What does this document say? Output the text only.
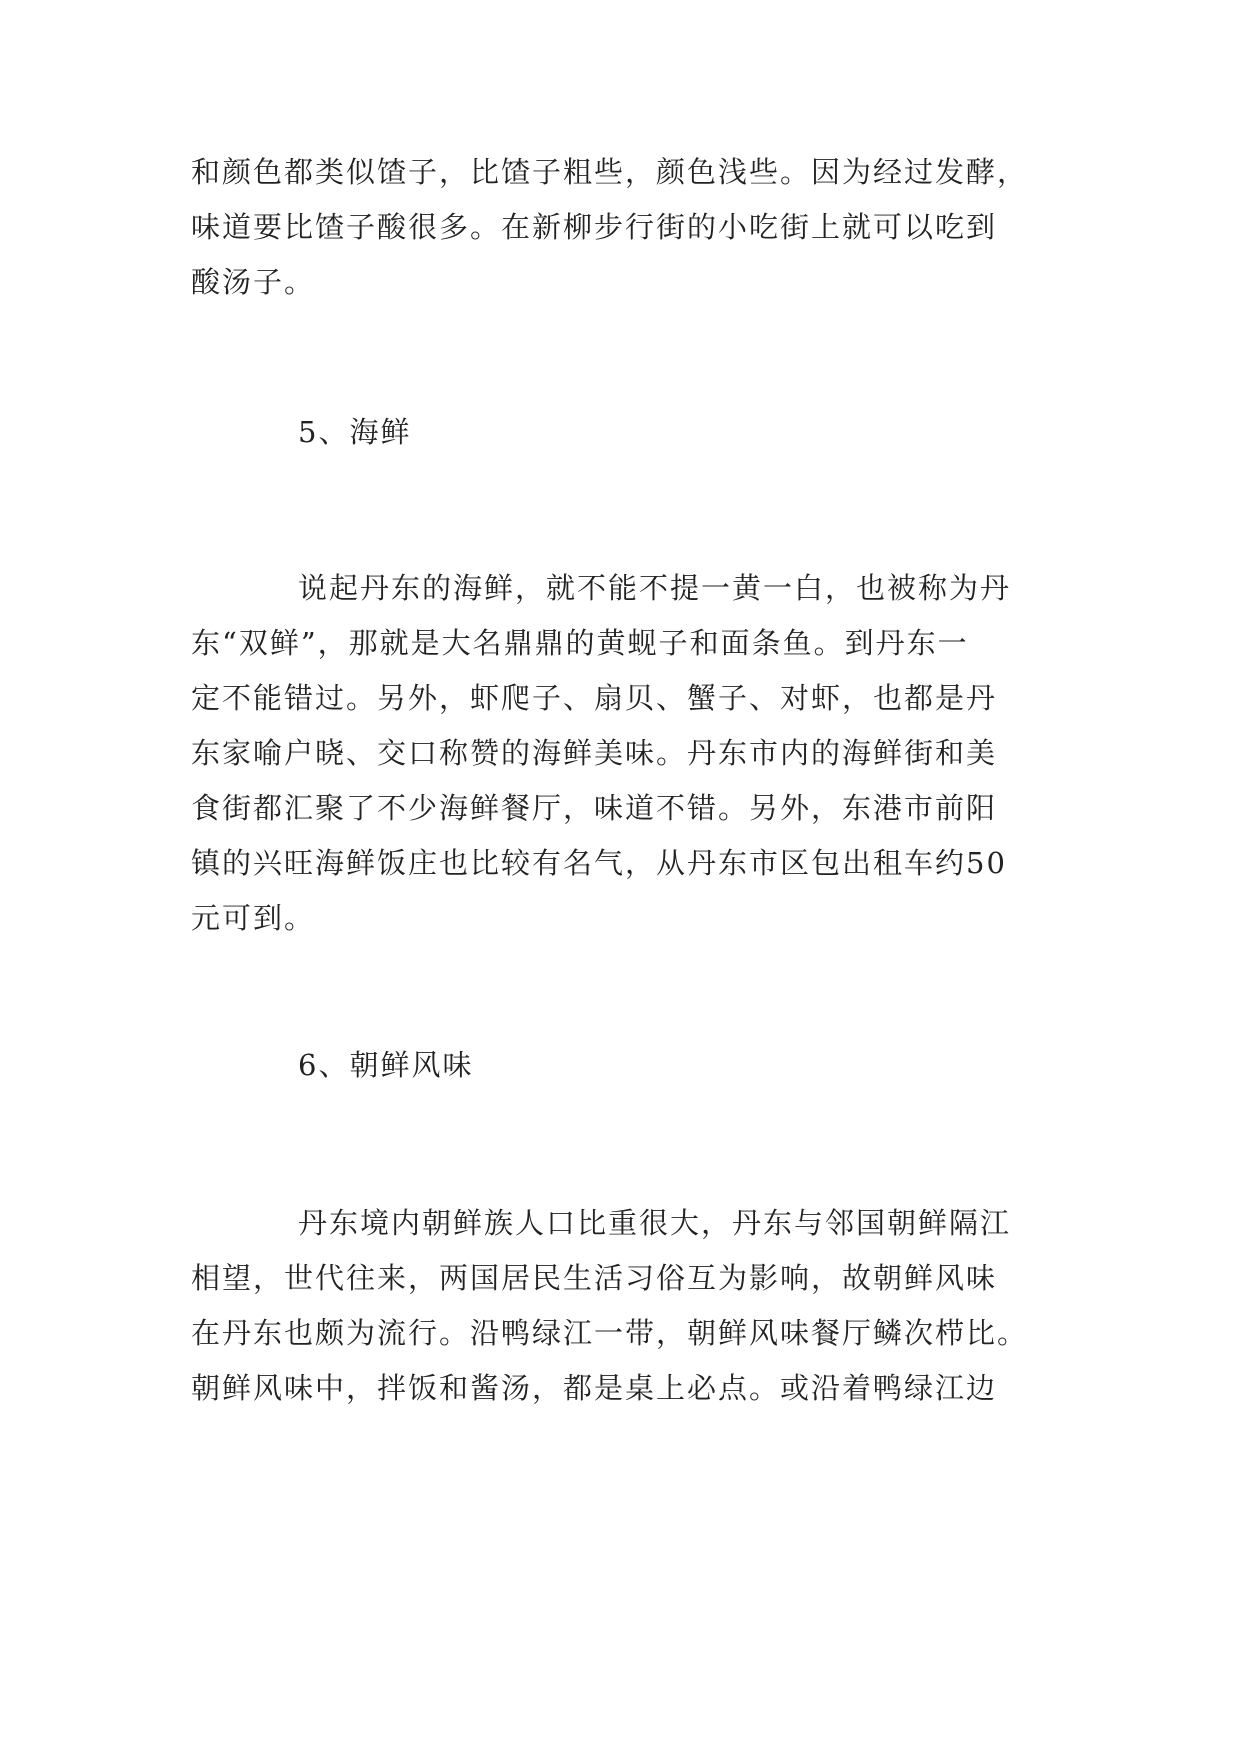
和颜色都类似馇子，比馇子粗些，颜色浅些。因为经过发酵，
味道要比馇子酸很多。在新柳步行街的小吃街上就可以吃到
酸汤子。
5、海鲜
说起丹东的海鲜，就不能不提一黄一白，也被称为丹
东“双鲜”，那就是大名鼎鼎的黄蚬子和面条鱼。到丹东一
定不能错过。另外，虾爬子、扇贝、蟹子、对虾，也都是丹
东家喻户晓、交口称赞的海鲜美味。丹东市内的海鲜街和美
食街都汇聚了不少海鲜餐厅，味道不错。另外，东港市前阳
镇的兴旺海鲜饭庄也比较有名气，从丹东市区包出租车约50
元可到。
6、朝鲜风味
丹东境内朝鲜族人口比重很大，丹东与邻国朝鲜隔江
相望，世代往来，两国居民生活习俗互为影响，故朝鲜风味
在丹东也颇为流行。沿鸭绿江一带，朝鲜风味餐厅鳞次栉比。
朝鲜风味中，拌饭和酱汤，都是桌上必点。或沿着鸭绿江边
